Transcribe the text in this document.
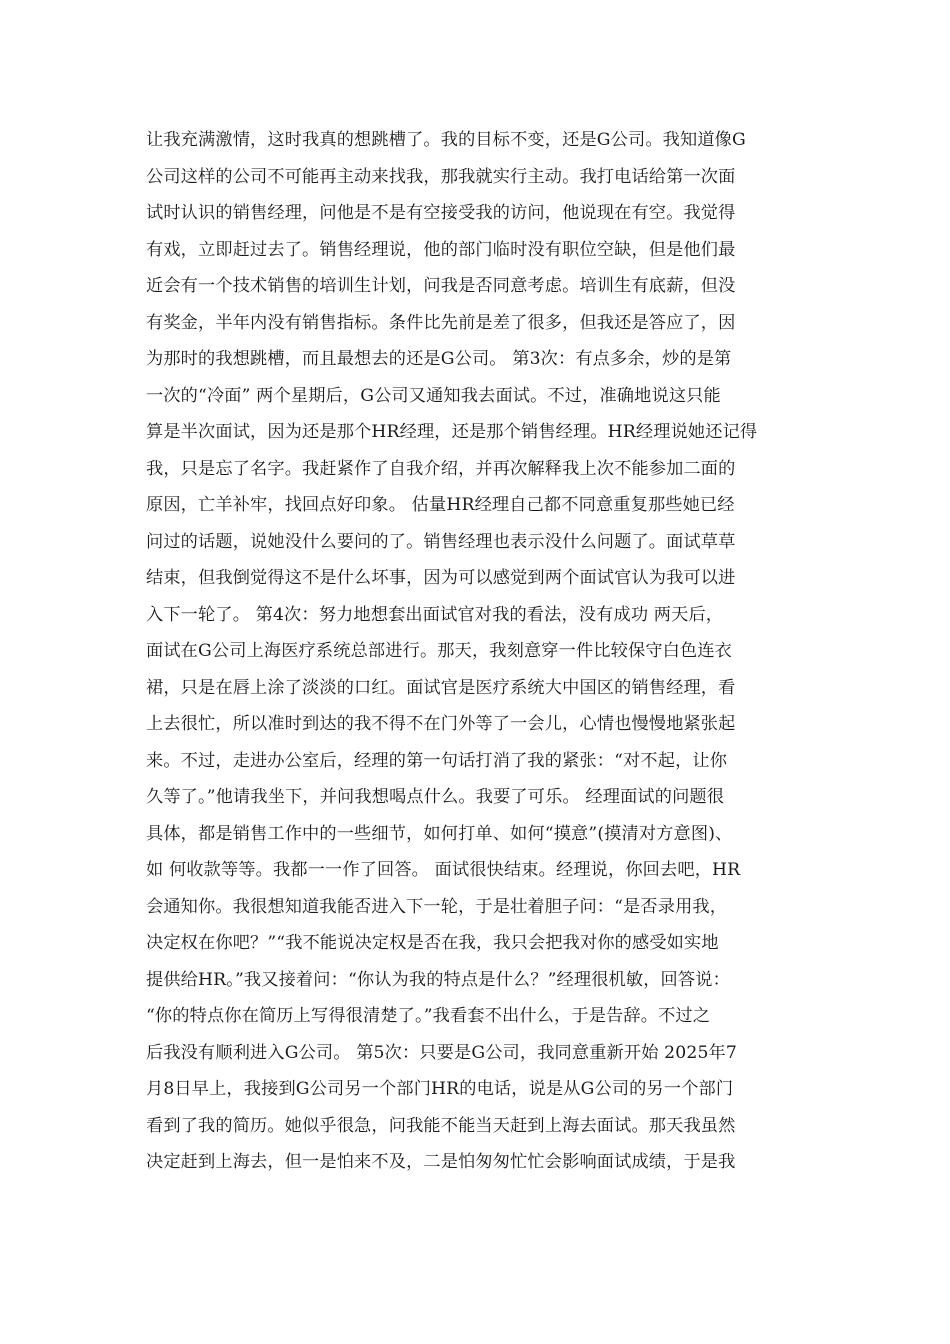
让我充满激情，这时我真的想跳槽了。我的目标不变，还是G公司。我知道像G
公司这样的公司不可能再主动来找我，那我就实行主动。我打电话给第一次面
试时认识的销售经理，问他是不是有空接受我的访问，他说现在有空。我觉得
有戏，立即赶过去了。销售经理说，他的部门临时没有职位空缺，但是他们最
近会有一个技术销售的培训生计划，问我是否同意考虑。培训生有底薪，但没
有奖金，半年内没有销售指标。条件比先前是差了很多，但我还是答应了，因
为那时的我想跳槽，而且最想去的还是G公司。 第3次：有点多余，炒的是第
一次的“冷面” 两个星期后，G公司又通知我去面试。不过，准确地说这只能
算是半次面试，因为还是那个HR经理，还是那个销售经理。HR经理说她还记得
我，只是忘了名字。我赶紧作了自我介绍，并再次解释我上次不能参加二面的
原因，亡羊补牢，找回点好印象。 估量HR经理自己都不同意重复那些她已经
问过的话题，说她没什么要问的了。销售经理也表示没什么问题了。面试草草
结束，但我倒觉得这不是什么坏事，因为可以感觉到两个面试官认为我可以进
入下一轮了。 第4次：努力地想套出面试官对我的看法，没有成功 两天后，
面试在G公司上海医疗系统总部进行。那天，我刻意穿一件比较保守白色连衣
裙，只是在唇上涂了淡淡的口红。面试官是医疗系统大中国区的销售经理，看
上去很忙，所以准时到达的我不得不在门外等了一会儿，心情也慢慢地紧张起
来。不过，走进办公室后，经理的第一句话打消了我的紧张：“对不起，让你
久等了。”他请我坐下，并问我想喝点什么。我要了可乐。 经理面试的问题很
具体，都是销售工作中的一些细节，如何打单、如何“摸意”(摸清对方意图)、
如 何收款等等。我都一一作了回答。 面试很快结束。经理说，你回去吧，HR
会通知你。我很想知道我能否进入下一轮，于是壮着胆子问：“是否录用我，
决定权在你吧？”“我不能说决定权是否在我，我只会把我对你的感受如实地
提供给HR。”我又接着问：“你认为我的特点是什么？”经理很机敏，回答说：
“你的特点你在简历上写得很清楚了。”我看套不出什么，于是告辞。不过之
后我没有顺利进入G公司。 第5次：只要是G公司，我同意重新开始 2025年7
月8日早上，我接到G公司另一个部门HR的电话，说是从G公司的另一个部门
看到了我的简历。她似乎很急，问我能不能当天赶到上海去面试。那天我虽然
决定赶到上海去，但一是怕来不及，二是怕匆匆忙忙会影响面试成绩，于是我
